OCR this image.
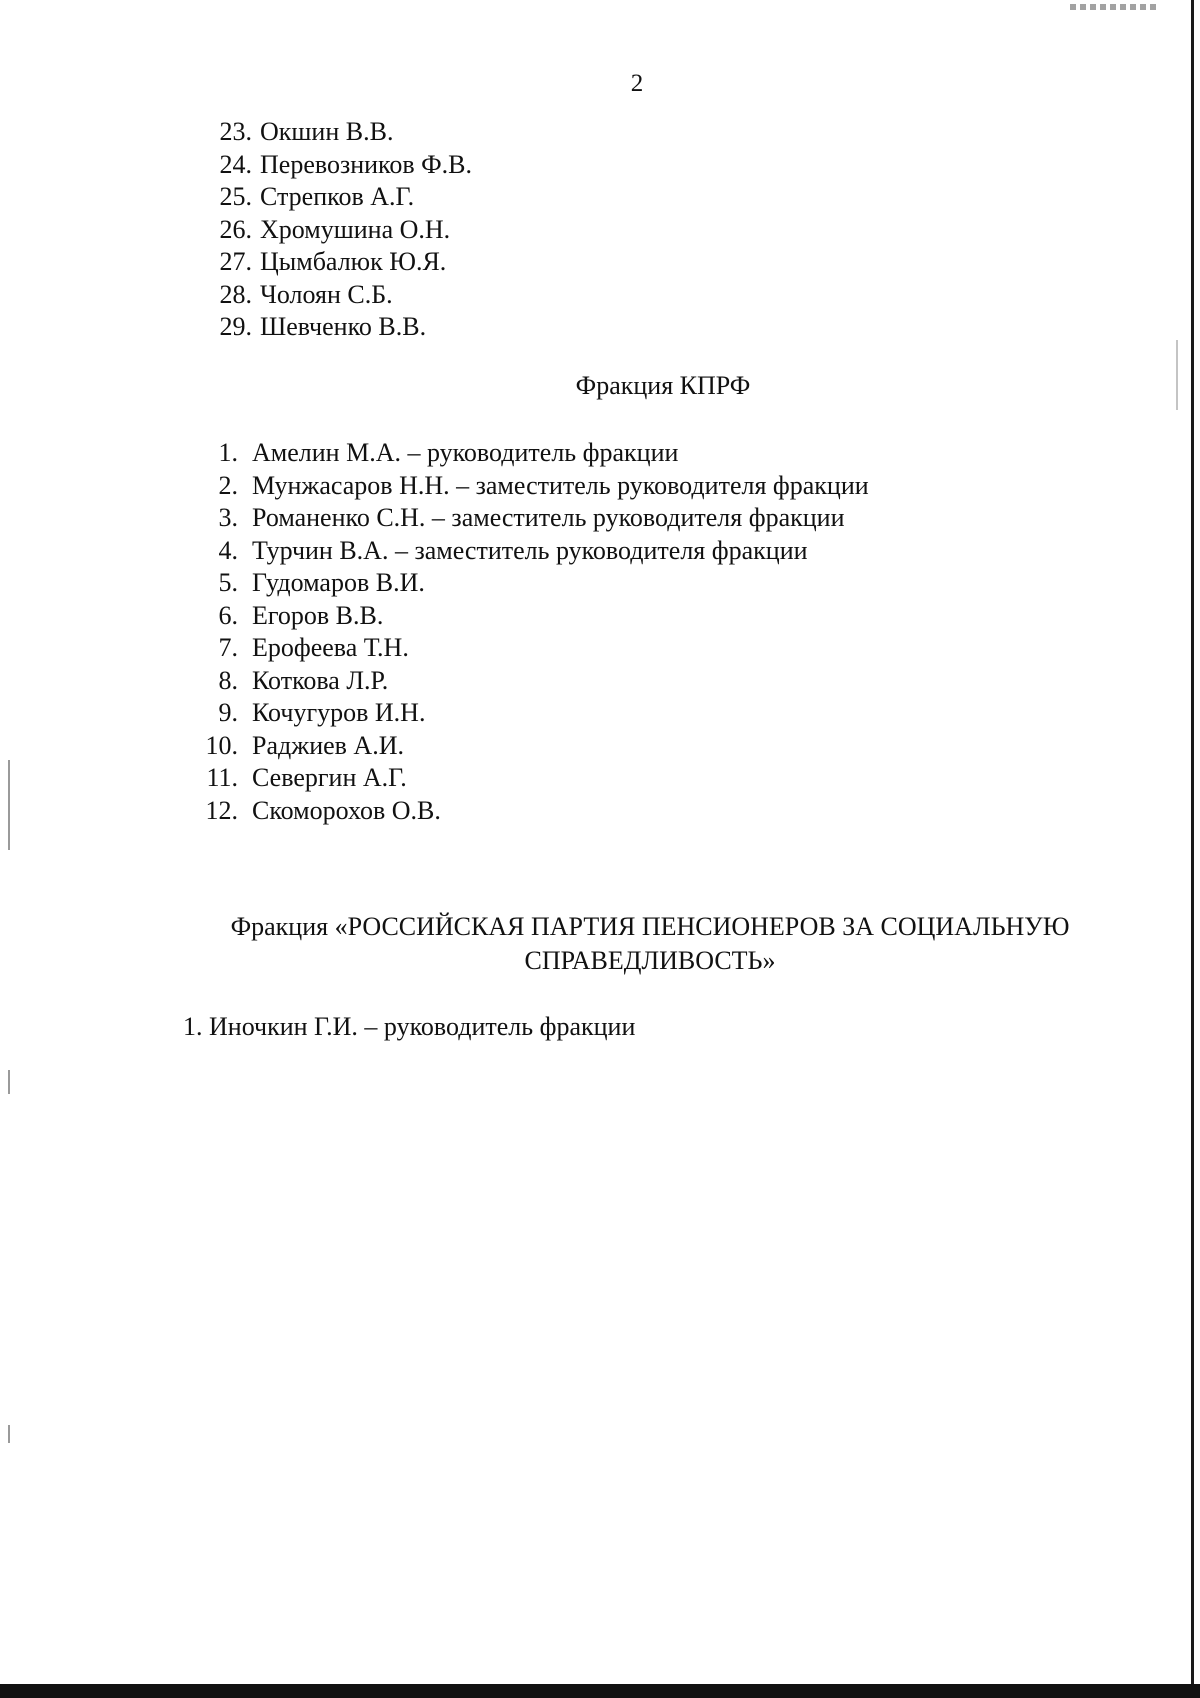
2
23. Окшин В.В.
24. Перевозников Ф.В.
25. Стрепков А.Г.
26. Хромушина О.Н.
27. Цымбалюк Ю.Я.
28. Чолоян С.Б.
29. Шевченко В.В.
Фракция КПРФ
1. Амелин М.А. – руководитель фракции
2. Мунжасаров Н.Н. – заместитель руководителя фракции
3. Романенко С.Н. – заместитель руководителя фракции
4. Турчин В.А. – заместитель руководителя фракции
5. Гудомаров В.И.
6. Егоров В.В.
7. Ерофеева Т.Н.
8. Коткова Л.Р.
9. Кочугуров И.Н.
10. Раджиев А.И.
11. Севергин А.Г.
12. Скоморохов О.В.
Фракция «РОССИЙСКАЯ ПАРТИЯ ПЕНСИОНЕРОВ ЗА СОЦИАЛЬНУЮ
СПРАВЕДЛИВОСТЬ»
1. Иночкин Г.И. – руководитель фракции
